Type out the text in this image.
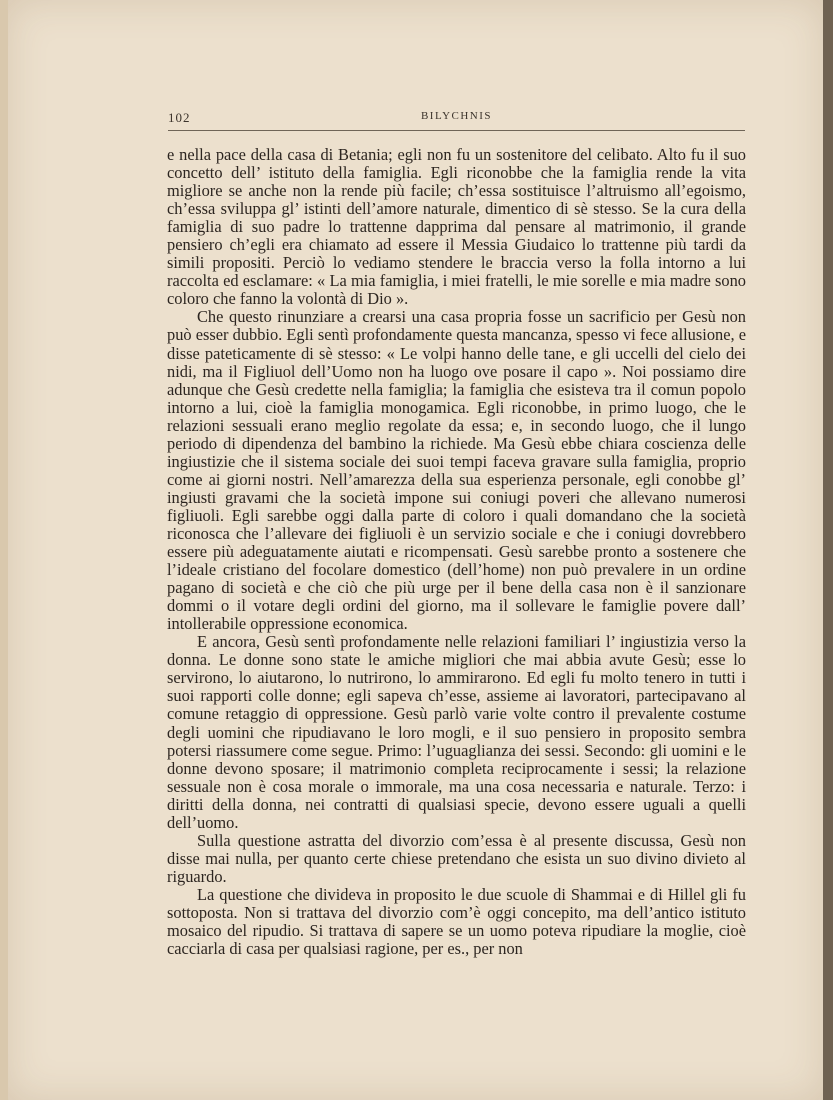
102	BILYCHNIS

e nella pace della casa di Betania; egli non fu un sostenitore del celibato. Alto fu il suo concetto dell’ istituto della famiglia. Egli riconobbe che la famiglia rende la vita migliore se anche non la rende più facile; ch’essa sostituisce l’altruismo all’egoismo, ch’essa sviluppa gl’ istinti dell’amore naturale, dimentico di sè stesso. Se la cura della famiglia di suo padre lo trattenne dapprima dal pensare al matrimonio, il grande pensiero ch’egli era chiamato ad essere il Messia Giudaico lo trattenne più tardi da simili propositi. Perciò lo vediamo stendere le braccia verso la folla intorno a lui raccolta ed esclamare: « La mia famiglia, i miei fratelli, le mie sorelle e mia madre sono coloro che fanno la volontà di Dio ».

Che questo rinunziare a crearsi una casa propria fosse un sacrificio per Gesù non può esser dubbio. Egli sentì profondamente questa mancanza, spesso vi fece allusione, e disse pateticamente di sè stesso: « Le volpi hanno delle tane, e gli uccelli del cielo dei nidi, ma il Figliuol dell’Uomo non ha luogo ove posare il capo ». Noi possiamo dire adunque che Gesù credette nella famiglia; la famiglia che esisteva tra il comun popolo intorno a lui, cioè la famiglia monogamica. Egli riconobbe, in primo luogo, che le relazioni sessuali erano meglio regolate da essa; e, in secondo luogo, che il lungo periodo di dipendenza del bambino la richiede. Ma Gesù ebbe chiara coscienza delle ingiustizie che il sistema sociale dei suoi tempi faceva gravare sulla famiglia, proprio come ai giorni nostri. Nell’amarezza della sua esperienza personale, egli conobbe gl’ ingiusti gravami che la società impone sui coniugi poveri che allevano numerosi figliuoli. Egli sarebbe oggi dalla parte di coloro i quali domandano che la società riconosca che l’allevare dei figliuoli è un servizio sociale e che i coniugi dovrebbero essere più adeguatamente aiutati e ricompensati. Gesù sarebbe pronto a sostenere che l’ideale cristiano del focolare domestico (dell’home) non può prevalere in un ordine pagano di società e che ciò che più urge per il bene della casa non è il sanzionare dommi o il votare degli ordini del giorno, ma il sollevare le famiglie povere dall’ intollerabile oppressione economica.

E ancora, Gesù sentì profondamente nelle relazioni familiari l’ ingiustizia verso la donna. Le donne sono state le amiche migliori che mai abbia avute Gesù; esse lo servirono, lo aiutarono, lo nutrirono, lo ammirarono. Ed egli fu molto tenero in tutti i suoi rapporti colle donne; egli sapeva ch’esse, assieme ai lavoratori, partecipavano al comune retaggio di oppressione. Gesù parlò varie volte contro il prevalente costume degli uomini che ripudiavano le loro mogli, e il suo pensiero in proposito sembra potersi riassumere come segue. Primo: l’uguaglianza dei sessi. Secondo: gli uomini e le donne devono sposare; il matrimonio completa reciprocamente i sessi; la relazione sessuale non è cosa morale o immorale, ma una cosa necessaria e naturale. Terzo: i diritti della donna, nei contratti di qualsiasi specie, devono essere uguali a quelli dell’uomo.

Sulla questione astratta del divorzio com’essa è al presente discussa, Gesù non disse mai nulla, per quanto certe chiese pretendano che esista un suo divino divieto al riguardo.

La questione che divideva in proposito le due scuole di Shammai e di Hillel gli fu sottoposta. Non si trattava del divorzio com’è oggi concepito, ma dell’antico istituto mosaico del ripudio. Si trattava di sapere se un uomo poteva ripudiare la moglie, cioè cacciarla di casa per qualsiasi ragione, per es., per non
